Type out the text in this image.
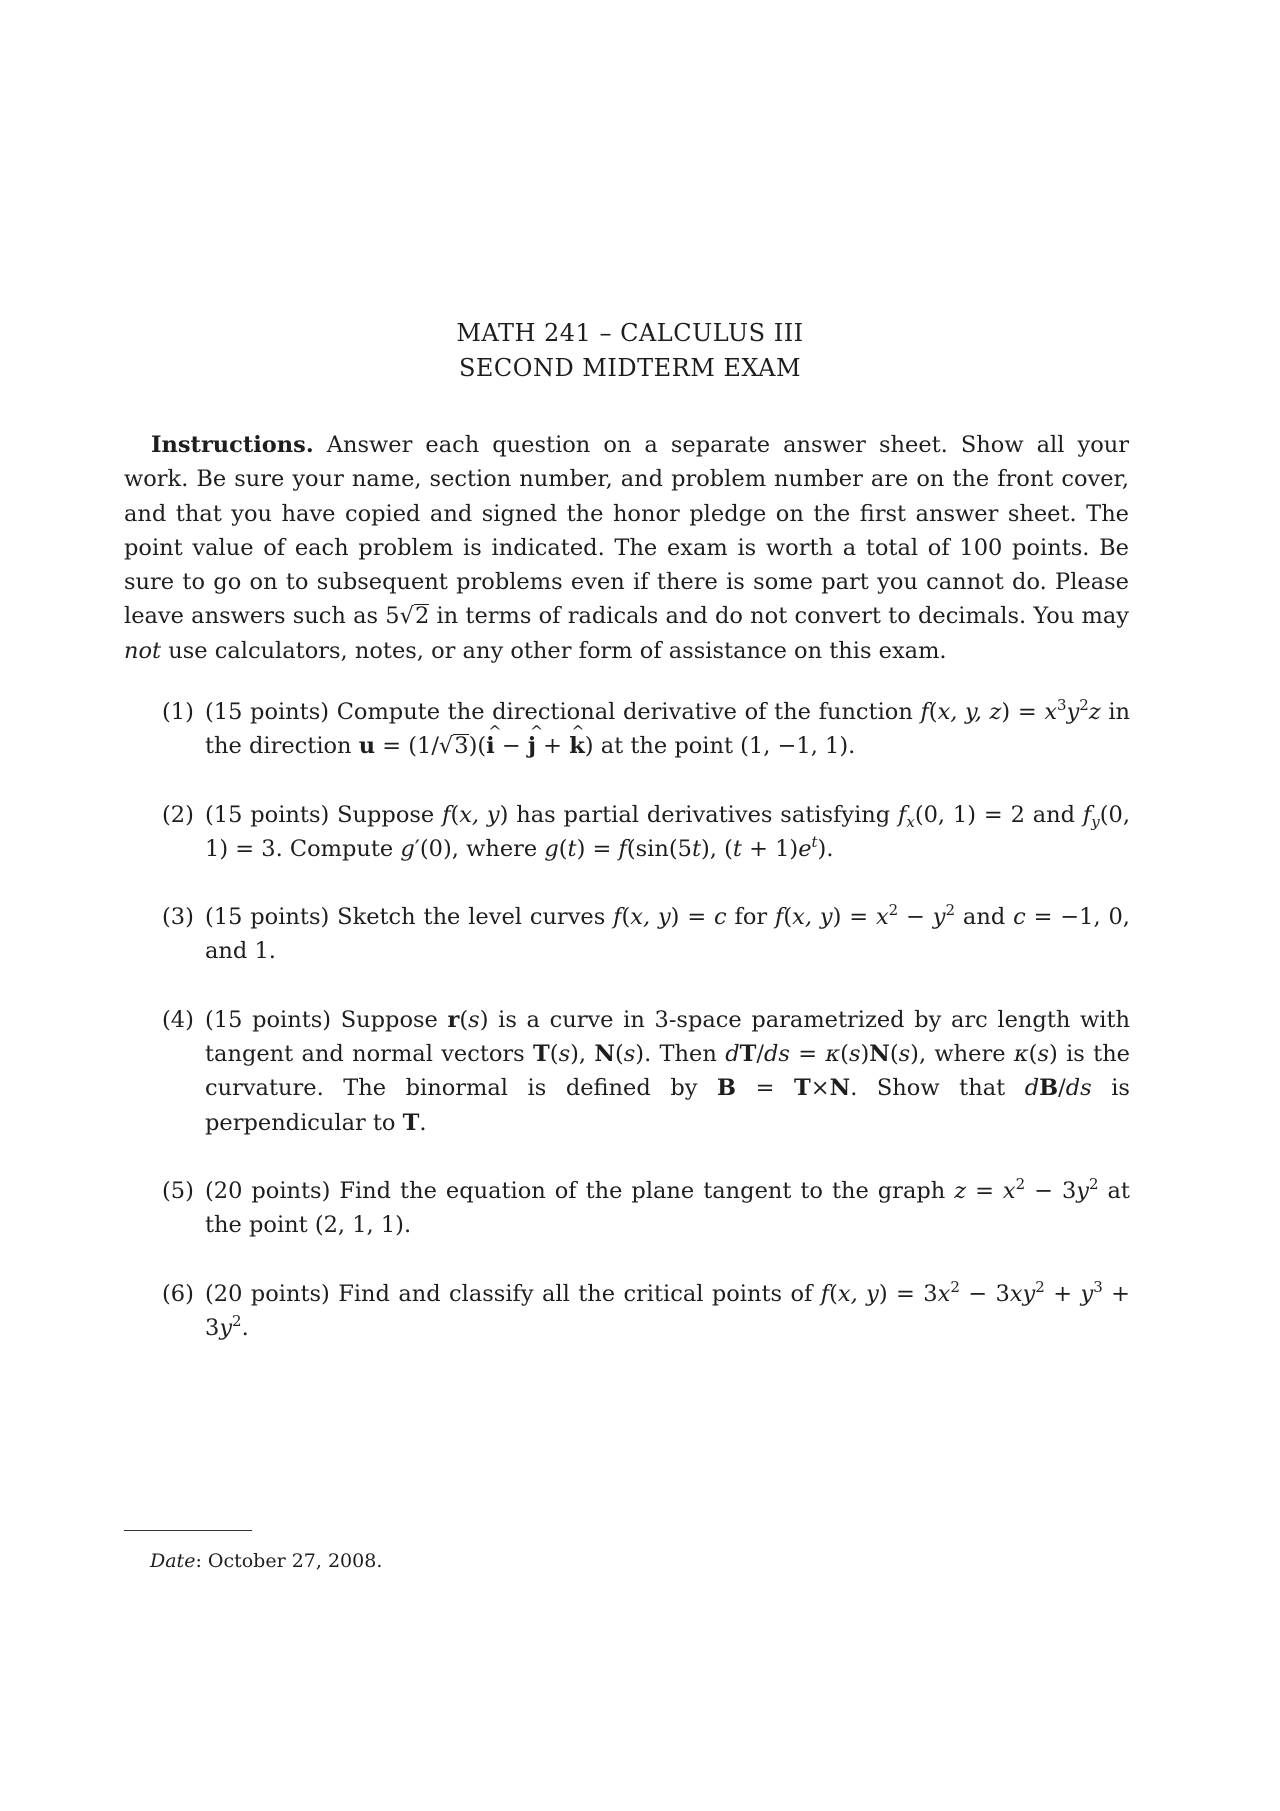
MATH 241 – CALCULUS III
SECOND MIDTERM EXAM
Instructions. Answer each question on a separate answer sheet. Show all your work. Be sure your name, section number, and problem number are on the front cover, and that you have copied and signed the honor pledge on the first answer sheet. The point value of each problem is indicated. The exam is worth a total of 100 points. Be sure to go on to subsequent problems even if there is some part you cannot do. Please leave answers such as 5√2 in terms of radicals and do not convert to decimals. You may not use calculators, notes, or any other form of assistance on this exam.
(1) (15 points) Compute the directional derivative of the function f(x, y, $z) = x^3y^2z$ in the direction u = (1/√3)(i ^ − j ^ + k ^) at the point (1, −1, 1).
(2) (15 points) Suppose f(x, y) has partial derivatives satisfying $f_x(0$, 1) = 2 and $f_y(0$, 1) = 3. Compute g′(0), where g(t) = f(sin(5t), $(t + 1)e^t$).
(3) (15 points) Sketch the level curves f(x, y) = c for f(x, $y) = x^2 - y^2$ and c = −1, 0, and 1.
(4) (15 points) Suppose r(s) is a curve in 3-space parametrized by arc length with tangent and normal vectors T(s), N(s). Then dT/ds = κ(s)N(s), where κ(s) is the curvature. The binormal is defined by B = T×N. Show that dB/ds is perpendicular to T.
(5) (20 points) Find the equation of the plane tangent to the graph $z = x^2 - 3y^2$ at the point (2, 1, 1).
(6) (20 points) Find and classify all the critical points of f(x, $y) = 3x^2 - 3xy^2 + y^3 + 3y^2$.
Date: October 27, 2008.
